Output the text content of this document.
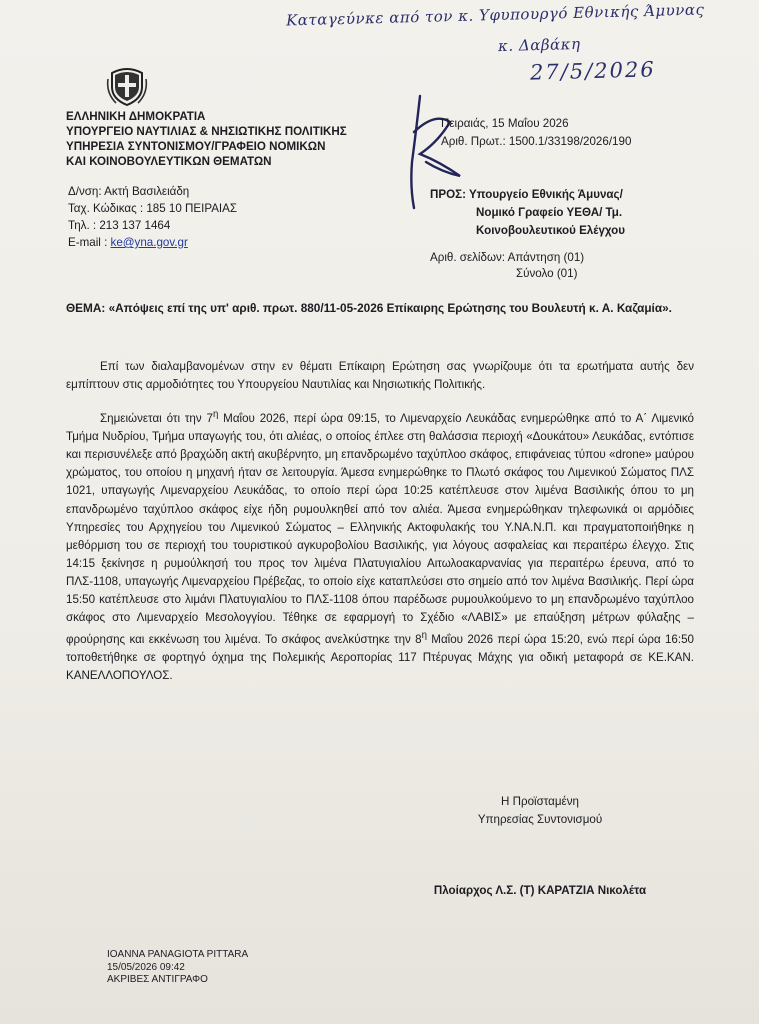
Καταγεύνκε από τον κ. Υφυπουργό Εθνικής Άμυνας
κ. Δαβάκη
27/5/2026
ΕΛΛΗΝΙΚΗ ΔΗΜΟΚΡΑΤΙΑ
ΥΠΟΥΡΓΕΙΟ ΝΑΥΤΙΛΙΑΣ & ΝΗΣΙΩΤΙΚΗΣ ΠΟΛΙΤΙΚΗΣ
ΥΠΗΡΕΣΙΑ ΣΥΝΤΟΝΙΣΜΟΥ/ΓΡΑΦΕΙΟ ΝΟΜΙΚΩΝ
ΚΑΙ ΚΟΙΝΟΒΟΥΛΕΥΤΙΚΩΝ ΘΕΜΑΤΩΝ
Δ/νση: Ακτή Βασιλειάδη
Ταχ. Κώδικας : 185 10 ΠΕΙΡΑΙΑΣ
Τηλ. : 213 137 1464
E-mail : ke@yna.gov.gr
Πειραιάς, 15 Μαΐου 2026
Αριθ. Πρωτ.: 1500.1/33198/2026/190
ΠΡΟΣ: Υπουργείο Εθνικής Άμυνας/
Νομικό Γραφείο ΥΕΘΑ/ Τμ.
Κοινοβουλευτικού Ελέγχου
Αριθ. σελίδων: Απάντηση (01)
Σύνολο (01)
ΘΕΜΑ: «Απόψεις επί της υπ' αριθ. πρωτ. 880/11-05-2026 Επίκαιρης Ερώτησης του Βουλευτή κ. Α. Καζαμία».

Επί των διαλαμβανομένων στην εν θέματι Επίκαιρη Ερώτηση σας γνωρίζουμε ότι τα ερωτήματα αυτής δεν εμπίπτουν στις αρμοδιότητες του Υπουργείου Ναυτιλίας και Νησιωτικής Πολιτικής.

Σημειώνεται ότι την $7^\eta$ Μαΐου 2026, περί ώρα 09:15, το Λιμεναρχείο Λευκάδας ενημερώθηκε από το Α΄ Λιμενικό Τμήμα Νυδρίου, Τμήμα υπαγωγής του, ότι αλιέας, ο οποίος έπλεε στη θαλάσσια περιοχή «Δουκάτου» Λευκάδας, εντόπισε και περισυνέλεξε από βραχώδη ακτή ακυβέρνητο, μη επανδρωμένο ταχύπλοο σκάφος, επιφάνειας τύπου «drone» μαύρου χρώματος, του οποίου η μηχανή ήταν σε λειτουργία. Άμεσα ενημερώθηκε το Πλωτό σκάφος του Λιμενικού Σώματος ΠΛΣ 1021, υπαγωγής Λιμεναρχείου Λευκάδας, το οποίο περί ώρα 10:25 κατέπλευσε στον λιμένα Βασιλικής όπου το μη επανδρωμένο ταχύπλοο σκάφος είχε ήδη ρυμουλκηθεί από τον αλιέα. Άμεσα ενημερώθηκαν τηλεφωνικά οι αρμόδιες Υπηρεσίες του Αρχηγείου του Λιμενικού Σώματος – Ελληνικής Ακτοφυλακής του Υ.ΝΑ.Ν.Π. και πραγματοποιήθηκε η μεθόρμιση του σε περιοχή του τουριστικού αγκυροβολίου Βασιλικής, για λόγους ασφαλείας και περαιτέρω έλεγχο. Στις 14:15 ξεκίνησε η ρυμούλκησή του προς τον λιμένα Πλατυγιαλίου Αιτωλοακαρνανίας για περαιτέρω έρευνα, από το ΠΛΣ-1108, υπαγωγής Λιμεναρχείου Πρέβεζας, το οποίο είχε καταπλεύσει στο σημείο από τον λιμένα Βασιλικής. Περί ώρα 15:50 κατέπλευσε στο λιμάνι Πλατυγιαλίου το ΠΛΣ-1108 όπου παρέδωσε ρυμουλκούμενο το μη επανδρωμένο ταχύπλοο σκάφος στο Λιμεναρχείο Μεσολογγίου. Τέθηκε σε εφαρμογή το Σχέδιο «ΛΑΒΙΣ» με επαύξηση μέτρων φύλαξης – φρούρησης και εκκένωση του λιμένα. Το σκάφος ανελκύστηκε την $8^\eta$ Μαΐου 2026 περί ώρα 15:20, ενώ περί ώρα 16:50 τοποθετήθηκε σε φορτηγό όχημα της Πολεμικής Αεροπορίας 117 Πτέρυγας Μάχης για οδική μεταφορά σε ΚΕ.ΚΑΝ. ΚΑΝΕΛΛΟΠΟΥΛΟΣ.

Η Προϊσταμένη
Υπηρεσίας Συντονισμού
Πλοίαρχος Λ.Σ. (Τ) ΚΑΡΑΤΖΙΑ Νικολέτα
IOANNA PANAGIOTA PITTARA
15/05/2026 09:42
ΑΚΡΙΒΕΣ ΑΝΤΙΓΡΑΦΟ
